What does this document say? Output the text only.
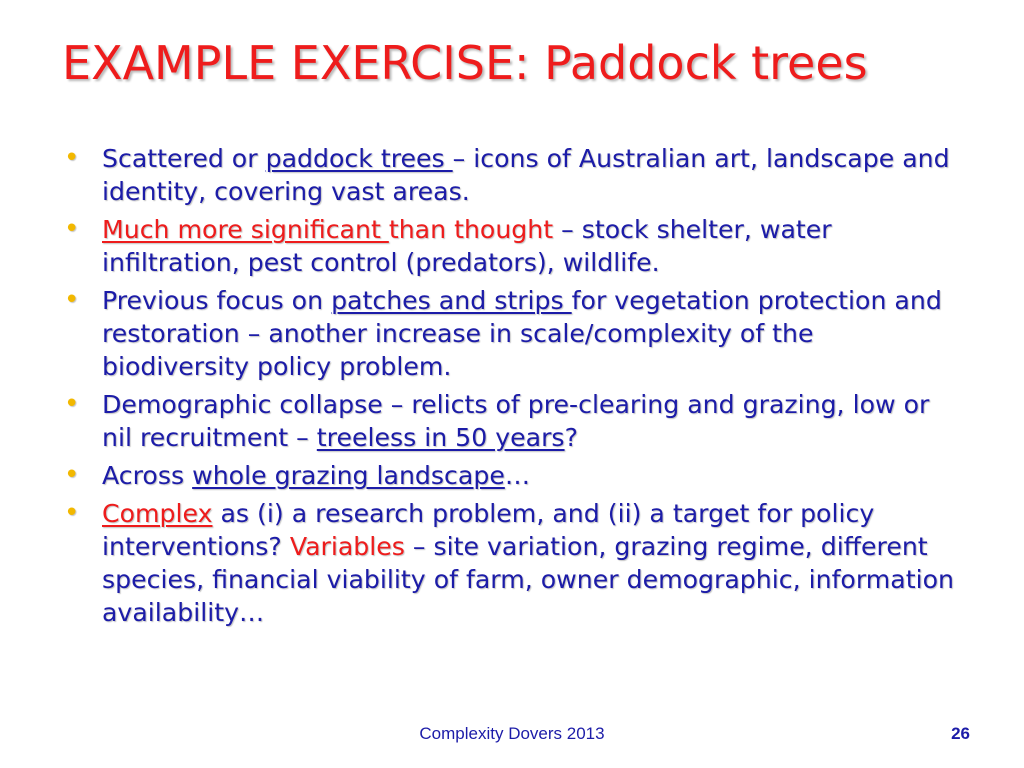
EXAMPLE EXERCISE: Paddock trees
• Scattered or paddock trees – icons of Australian art, landscape and identity, covering vast areas.
• Much more significant than thought – stock shelter, water infiltration, pest control (predators), wildlife.
• Previous focus on patches and strips for vegetation protection and restoration – another increase in scale/complexity of the biodiversity policy problem.
• Demographic collapse – relicts of pre-clearing and grazing, low or nil recruitment – treeless in 50 years?
• Across whole grazing landscape…
• Complex as (i) a research problem, and (ii) a target for policy interventions? Variables – site variation, grazing regime, different species, financial viability of farm, owner demographic, information availability…
Complexity Dovers 2013	26
